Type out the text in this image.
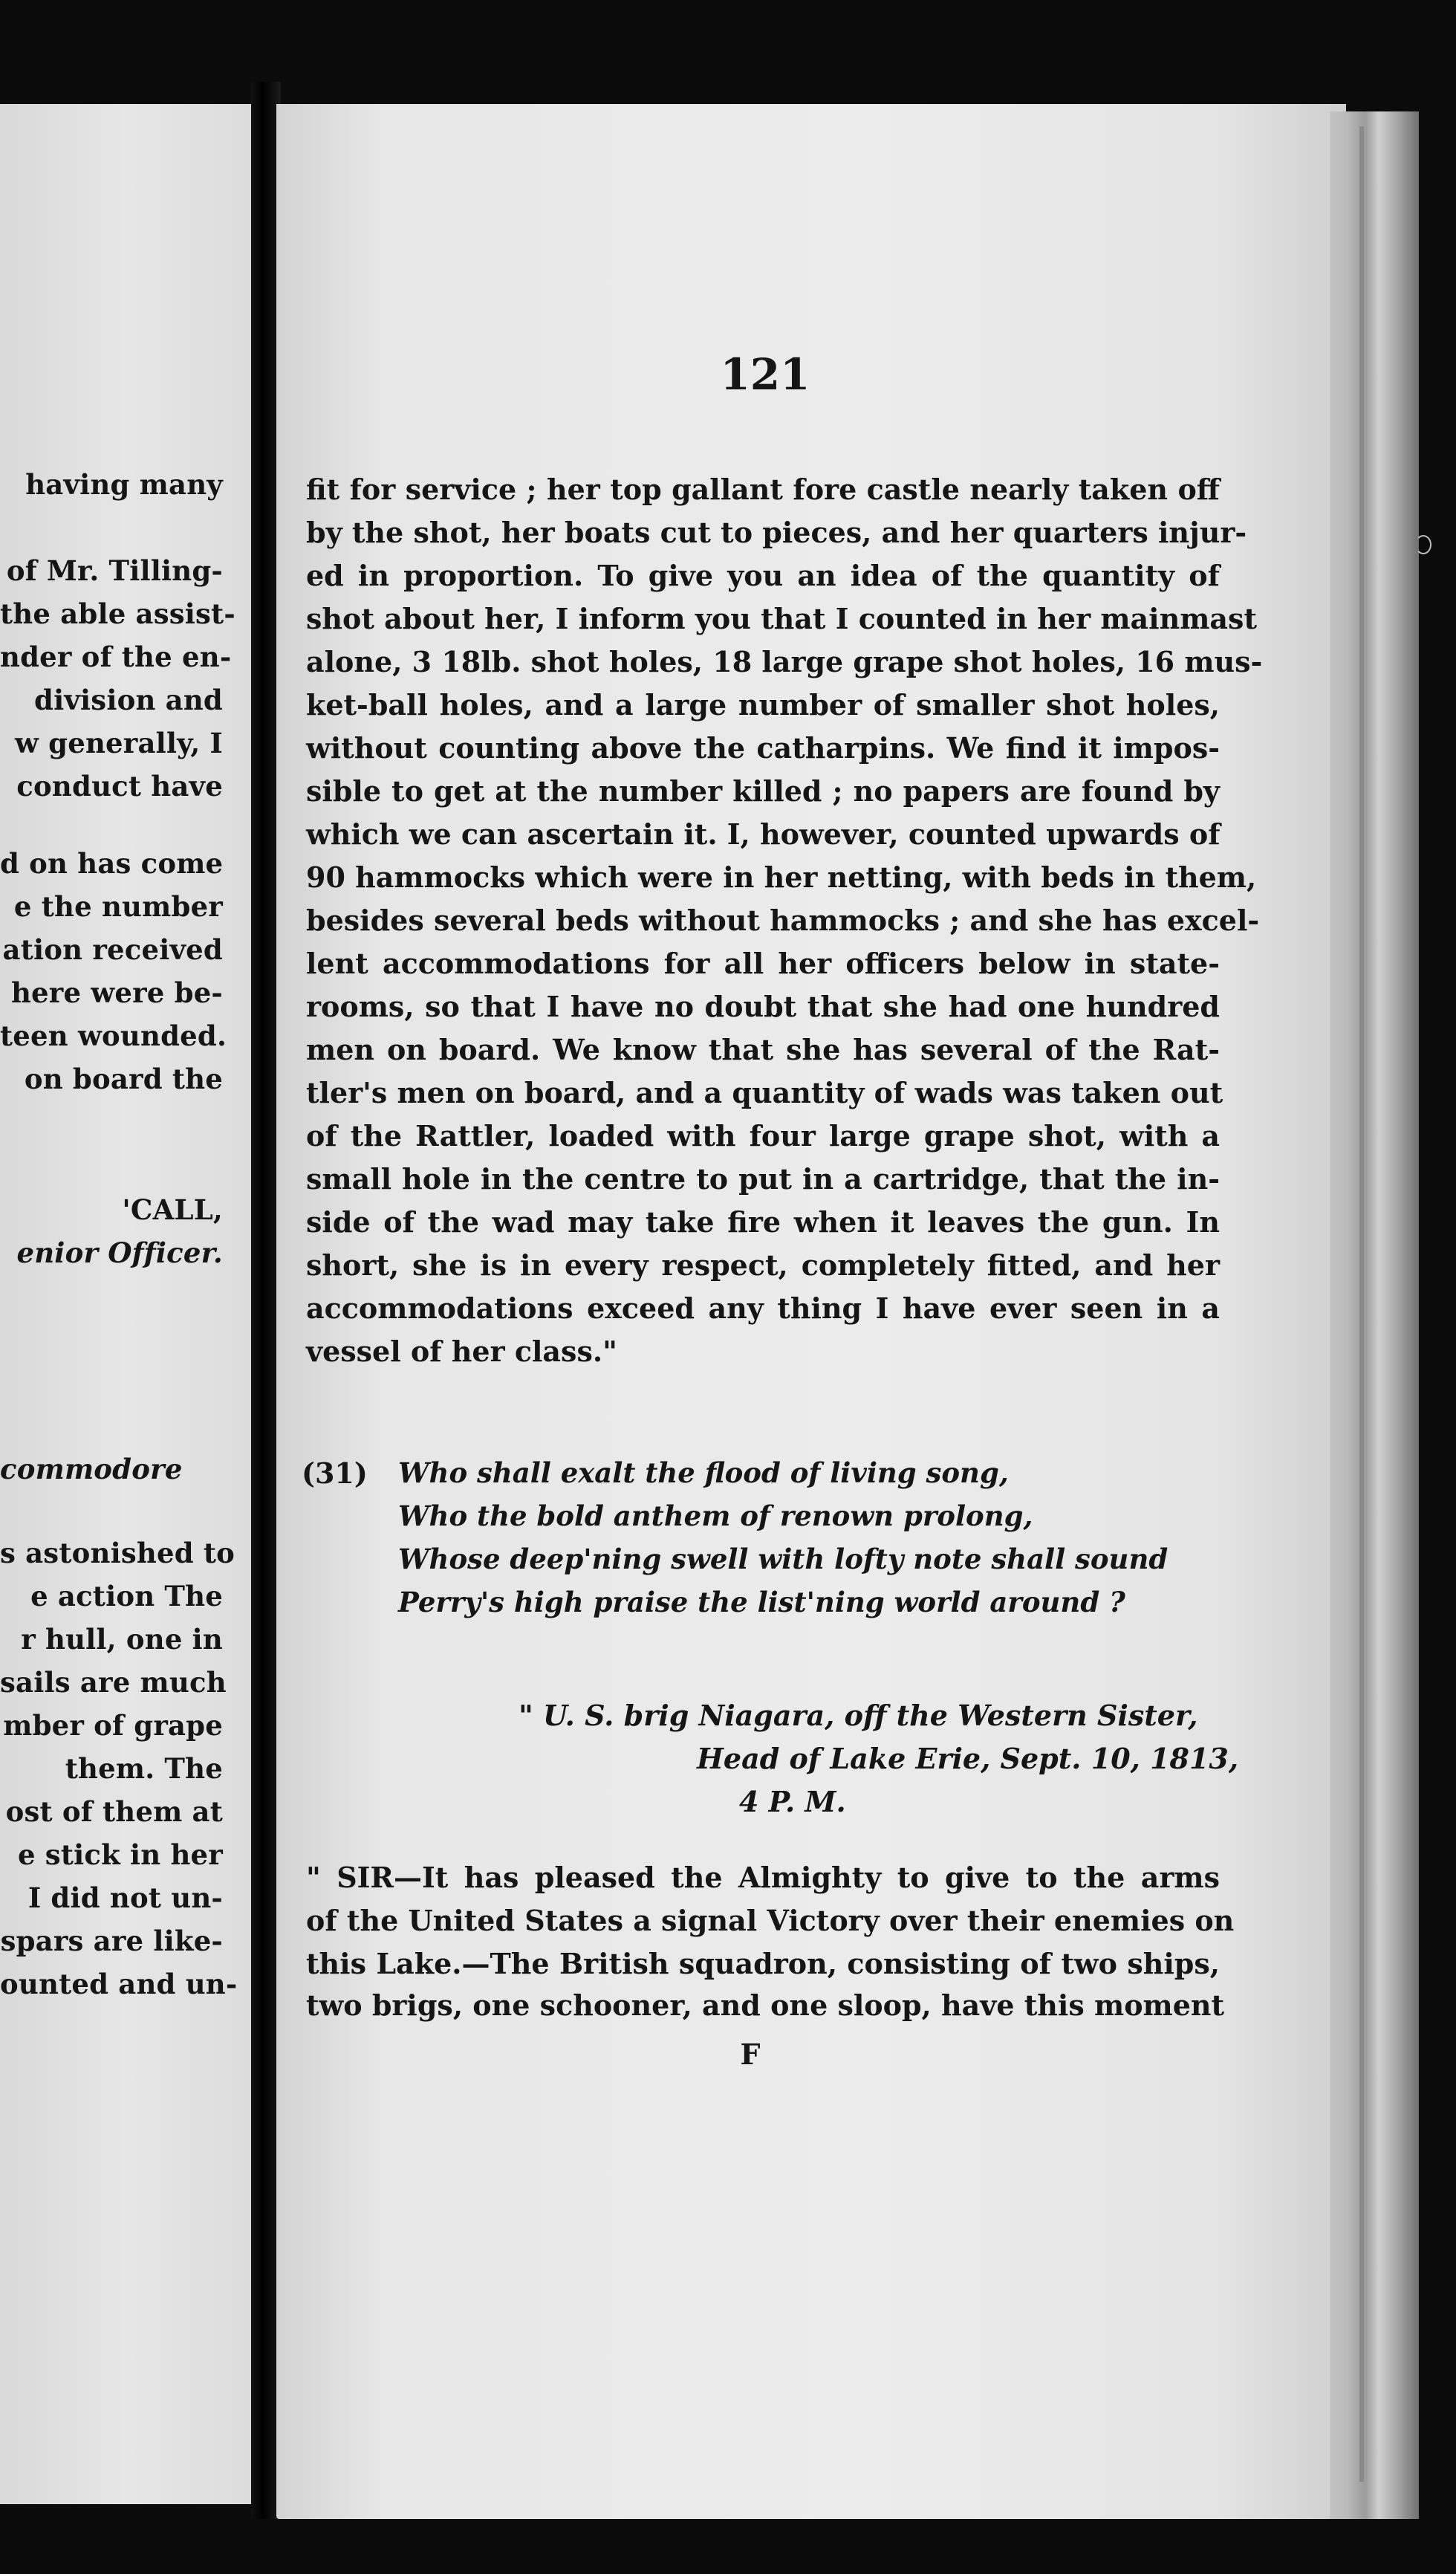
having many
of Mr. Tilling-
the able assist-
nder of the en-
division and
w generally, I
conduct have
d on has come
e the number
ation received
here were be-
teen wounded.
on board the
'CALL,
enior Officer.
commodore
s astonished to
e action The
r hull, one in
sails are much
mber of grape
them. The
ost of them at
e stick in her
I did not un-
spars are like-
ounted and un-
121
fit for service ; her top gallant fore castle nearly taken off
by the shot, her boats cut to pieces, and her quarters injur-
ed in proportion. To give you an idea of the quantity of
shot about her, I inform you that I counted in her mainmast
alone, 3 18lb. shot holes, 18 large grape shot holes, 16 mus-
ket-ball holes, and a large number of smaller shot holes,
without counting above the catharpins. We find it impos-
sible to get at the number killed ; no papers are found by
which we can ascertain it. I, however, counted upwards of
90 hammocks which were in her netting, with beds in them,
besides several beds without hammocks ; and she has excel-
lent accommodations for all her officers below in state-
rooms, so that I have no doubt that she had one hundred
men on board. We know that she has several of the Rat-
tler's men on board, and a quantity of wads was taken out
of the Rattler, loaded with four large grape shot, with a
small hole in the centre to put in a cartridge, that the in-
side of the wad may take fire when it leaves the gun. In
short, she is in every respect, completely fitted, and her
accommodations exceed any thing I have ever seen in a
vessel of her class."
(31) Who shall exalt the flood of living song,
Who the bold anthem of renown prolong,
Whose deep'ning swell with lofty note shall sound
Perry's high praise the list'ning world around ?
" U. S. brig Niagara, off the Western Sister,
Head of Lake Erie, Sept. 10, 1813,
4 P. M.
" SIR—It has pleased the Almighty to give to the arms
of the United States a signal Victory over their enemies on
this Lake.—The British squadron, consisting of two ships,
two brigs, one schooner, and one sloop, have this moment
F
